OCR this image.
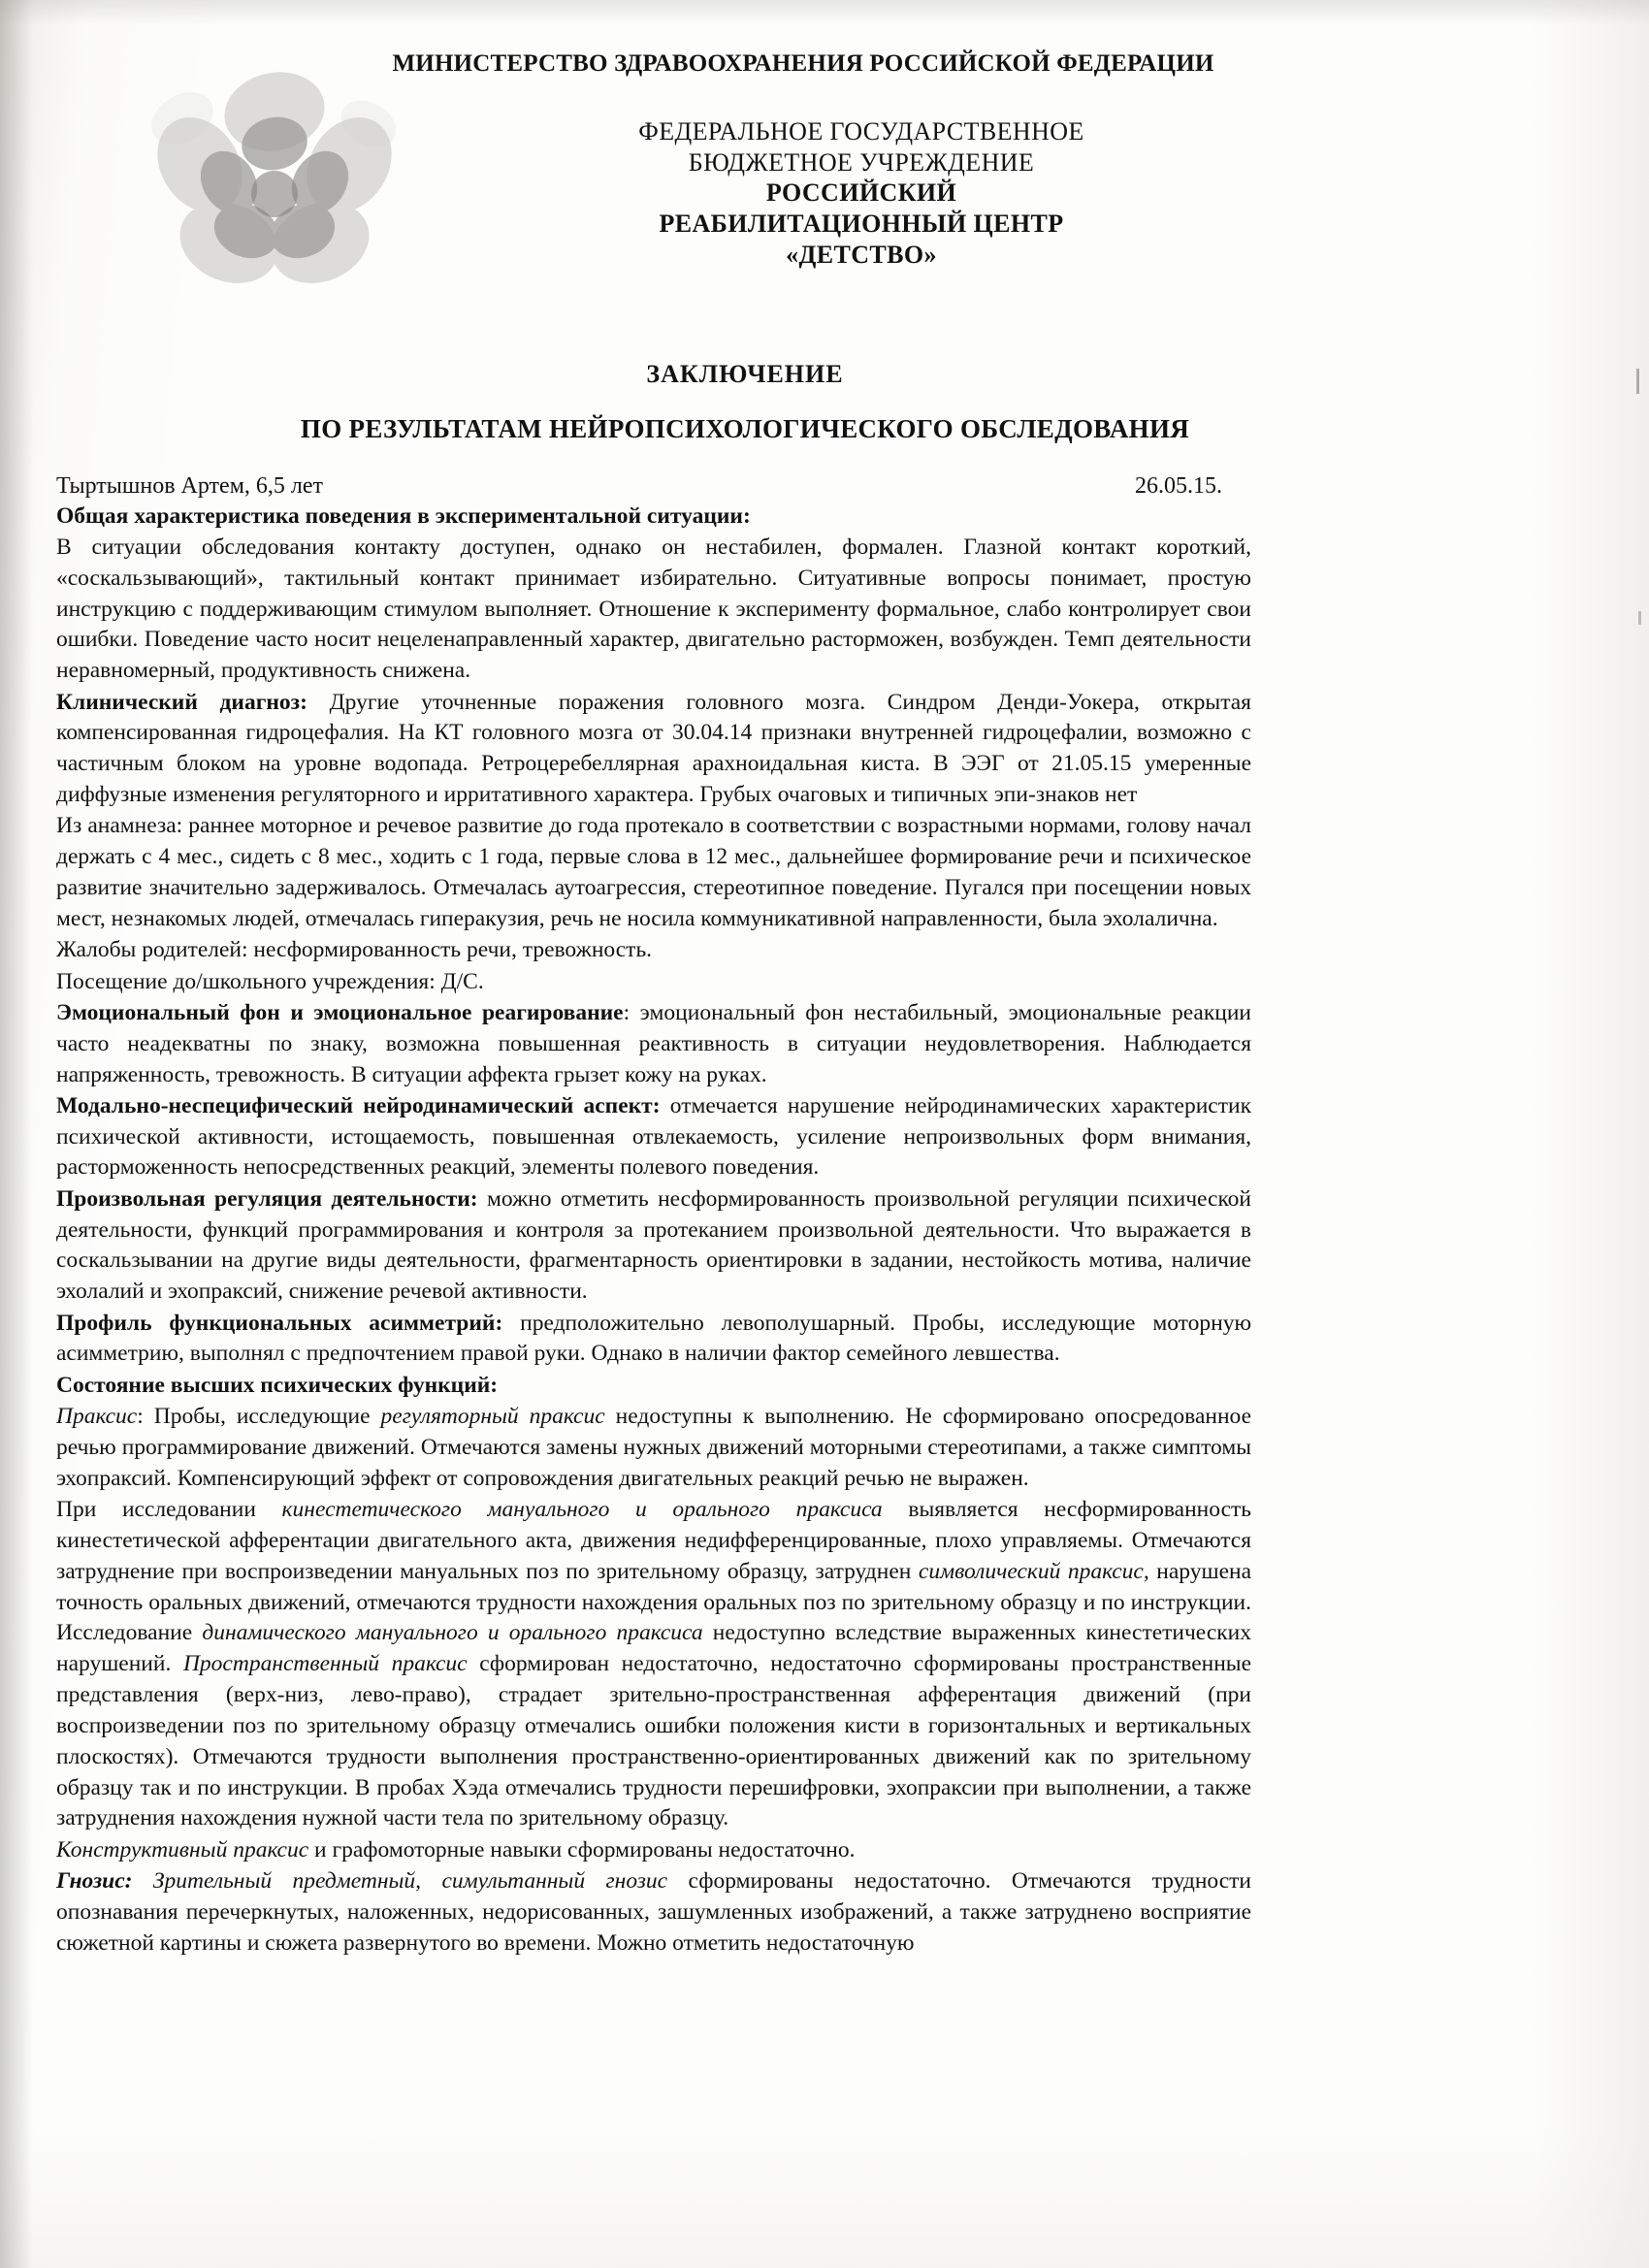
МИНИСТЕРСТВО ЗДРАВООХРАНЕНИЯ РОССИЙСКОЙ ФЕДЕРАЦИИ
ФЕДЕРАЛЬНОЕ ГОСУДАРСТВЕННОЕ
БЮДЖЕТНОЕ УЧРЕЖДЕНИЕ
РОССИЙСКИЙ
РЕАБИЛИТАЦИОННЫЙ ЦЕНТР
«ДЕТСТВО»
ЗАКЛЮЧЕНИЕ
ПО РЕЗУЛЬТАТАМ НЕЙРОПСИХОЛОГИЧЕСКОГО ОБСЛЕДОВАНИЯ
Тыртышнов Артем, 6,5 лет	26.05.15.

Общая характеристика поведения в экспериментальной ситуации:

В ситуации обследования контакту доступен, однако он нестабилен, формален. Глазной контакт короткий, «соскальзывающий», тактильный контакт принимает избирательно. Ситуативные вопросы понимает, простую инструкцию с поддерживающим стимулом выполняет. Отношение к эксперименту формальное, слабо контролирует свои ошибки. Поведение часто носит нецеленаправленный характер, двигательно расторможен, возбужден. Темп деятельности неравномерный, продуктивность снижена.

Клинический диагноз: Другие уточненные поражения головного мозга. Синдром Денди-Уокера, открытая компенсированная гидроцефалия. На КТ головного мозга от 30.04.14 признаки внутренней гидроцефалии, возможно с частичным блоком на уровне водопада. Ретроцеребеллярная арахноидальная киста. В ЭЭГ от 21.05.15 умеренные диффузные изменения регуляторного и ирритативного характера. Грубых очаговых и типичных эпи-знаков нет

Из анамнеза: раннее моторное и речевое развитие до года протекало в соответствии с возрастными нормами, голову начал держать с 4 мес., сидеть с 8 мес., ходить с 1 года, первые слова в 12 мес., дальнейшее формирование речи и психическое развитие значительно задерживалось. Отмечалась аутоагрессия, стереотипное поведение. Пугался при посещении новых мест, незнакомых людей, отмечалась гиперакузия, речь не носила коммуникативной направленности, была эхолалична.

Жалобы родителей: несформированность речи, тревожность.

Посещение до/школьного учреждения: Д/С.

Эмоциональный фон и эмоциональное реагирование: эмоциональный фон нестабильный, эмоциональные реакции часто неадекватны по знаку, возможна повышенная реактивность в ситуации неудовлетворения. Наблюдается напряженность, тревожность. В ситуации аффекта грызет кожу на руках.

Модально-неспецифический нейродинамический аспект: отмечается нарушение нейродинамических характеристик психической активности, истощаемость, повышенная отвлекаемость, усиление непроизвольных форм внимания, расторможенность непосредственных реакций, элементы полевого поведения.

Произвольная регуляция деятельности: можно отметить несформированность произвольной регуляции психической деятельности, функций программирования и контроля за протеканием произвольной деятельности. Что выражается в соскальзывании на другие виды деятельности, фрагментарность ориентировки в задании, нестойкость мотива, наличие эхолалий и эхопраксий, снижение речевой активности.

Профиль функциональных асимметрий: предположительно левополушарный. Пробы, исследующие моторную асимметрию, выполнял с предпочтением правой руки. Однако в наличии фактор семейного левшества.

Состояние высших психических функций:

Праксис: Пробы, исследующие регуляторный праксис недоступны к выполнению. Не сформировано опосредованное речью программирование движений. Отмечаются замены нужных движений моторными стереотипами, а также симптомы эхопраксий. Компенсирующий эффект от сопровождения двигательных реакций речью не выражен.

При исследовании кинестетического мануального и орального праксиса выявляется несформированность кинестетической афферентации двигательного акта, движения недифференцированные, плохо управляемы. Отмечаются затруднение при воспроизведении мануальных поз по зрительному образцу, затруднен символический праксис, нарушена точность оральных движений, отмечаются трудности нахождения оральных поз по зрительному образцу и по инструкции. Исследование динамического мануального и орального праксиса недоступно вследствие выраженных кинестетических нарушений. Пространственный праксис сформирован недостаточно, недостаточно сформированы пространственные представления (верх-низ, лево-право), страдает зрительно-пространственная афферентация движений (при воспроизведении поз по зрительному образцу отмечались ошибки положения кисти в горизонтальных и вертикальных плоскостях). Отмечаются трудности выполнения пространственно-ориентированных движений как по зрительному образцу так и по инструкции. В пробах Хэда отмечались трудности перешифровки, эхопраксии при выполнении, а также затруднения нахождения нужной части тела по зрительному образцу.

Конструктивный праксис и графомоторные навыки сформированы недостаточно.

Гнозис: Зрительный предметный, симультанный гнозис сформированы недостаточно. Отмечаются трудности опознавания перечеркнутых, наложенных, недорисованных, зашумленных изображений, а также затруднено восприятие сюжетной картины и сюжета развернутого во времени. Можно отметить недостаточную
